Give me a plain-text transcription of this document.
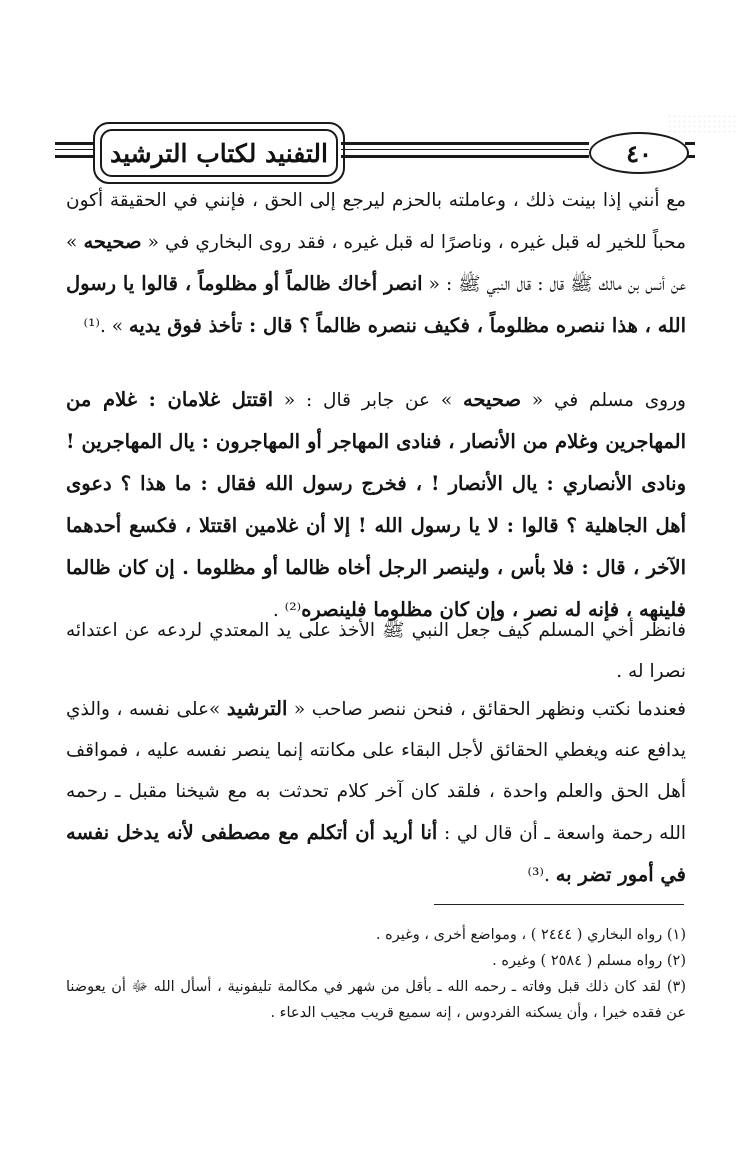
التفنيد لكتاب الترشيد	٤٠
مع أنني إذا بينت ذلك ، وعاملته بالحزم ليرجع إلى الحق ، فإنني في الحقيقة أكون محباً للخير له قبل غيره ، وناصرًا له قبل غيره ، فقد روى البخاري في « صحيحه » عن أنس بن مالك ﷺ قال : قال النبي ﷺ : « انصر أخاك ظالماً أو مظلوماً ، قالوا يا رسول الله ، هذا ننصره مظلوماً ، فكيف ننصره ظالماً ؟ قال : تأخذ فوق يديه » .⁽¹⁾
وروى مسلم في « صحيحه » عن جابر قال : « اقتتل غلامان : غلام من المهاجرين وغلام من الأنصار ، فنادى المهاجر أو المهاجرون : يال المهاجرين ! ونادى الأنصاري : يال الأنصار ! ، فخرج رسول الله فقال : ما هذا ؟ دعوى أهل الجاهلية ؟ قالوا : لا يا رسول الله ! إلا أن غلامين اقتتلا ، فكسع أحدهما الآخر ، قال : فلا بأس ، ولينصر الرجل أخاه ظالما أو مظلوما . إن كان ظالما فلينهه ، فإنه له نصر ، وإن كان مظلوما فلينصره⁽²⁾ .
فانظر أخي المسلم كيف جعل النبي ﷺ الأخذ على يد المعتدي لردعه عن اعتدائه نصرا له .
فعندما نكتب ونظهر الحقائق ، فنحن ننصر صاحب « الترشيد »على نفسه ، والذي يدافع عنه ويغطي الحقائق لأجل البقاء على مكانته إنما ينصر نفسه عليه ، فمواقف أهل الحق والعلم واحدة ، فلقد كان آخر كلام تحدثت به مع شيخنا مقبل ـ رحمه الله رحمة واسعة ـ أن قال لي : أنا أريد أن أتكلم مع مصطفى لأنه يدخل نفسه في أمور تضر به .⁽³⁾
(١) رواه البخاري ( ٢٤٤٤ ) ، ومواضع أخرى ، وغيره .
(٢) رواه مسلم ( ٢٥٨٤ ) وغيره .
(٣) لقد كان ذلك قبل وفاته ـ رحمه الله ـ بأقل من شهر في مكالمة تليفونية ، أسأل الله ﷻ أن يعوضنا عن فقده خيرا ، وأن يسكنه الفردوس ، إنه سميع قريب مجيب الدعاء .
